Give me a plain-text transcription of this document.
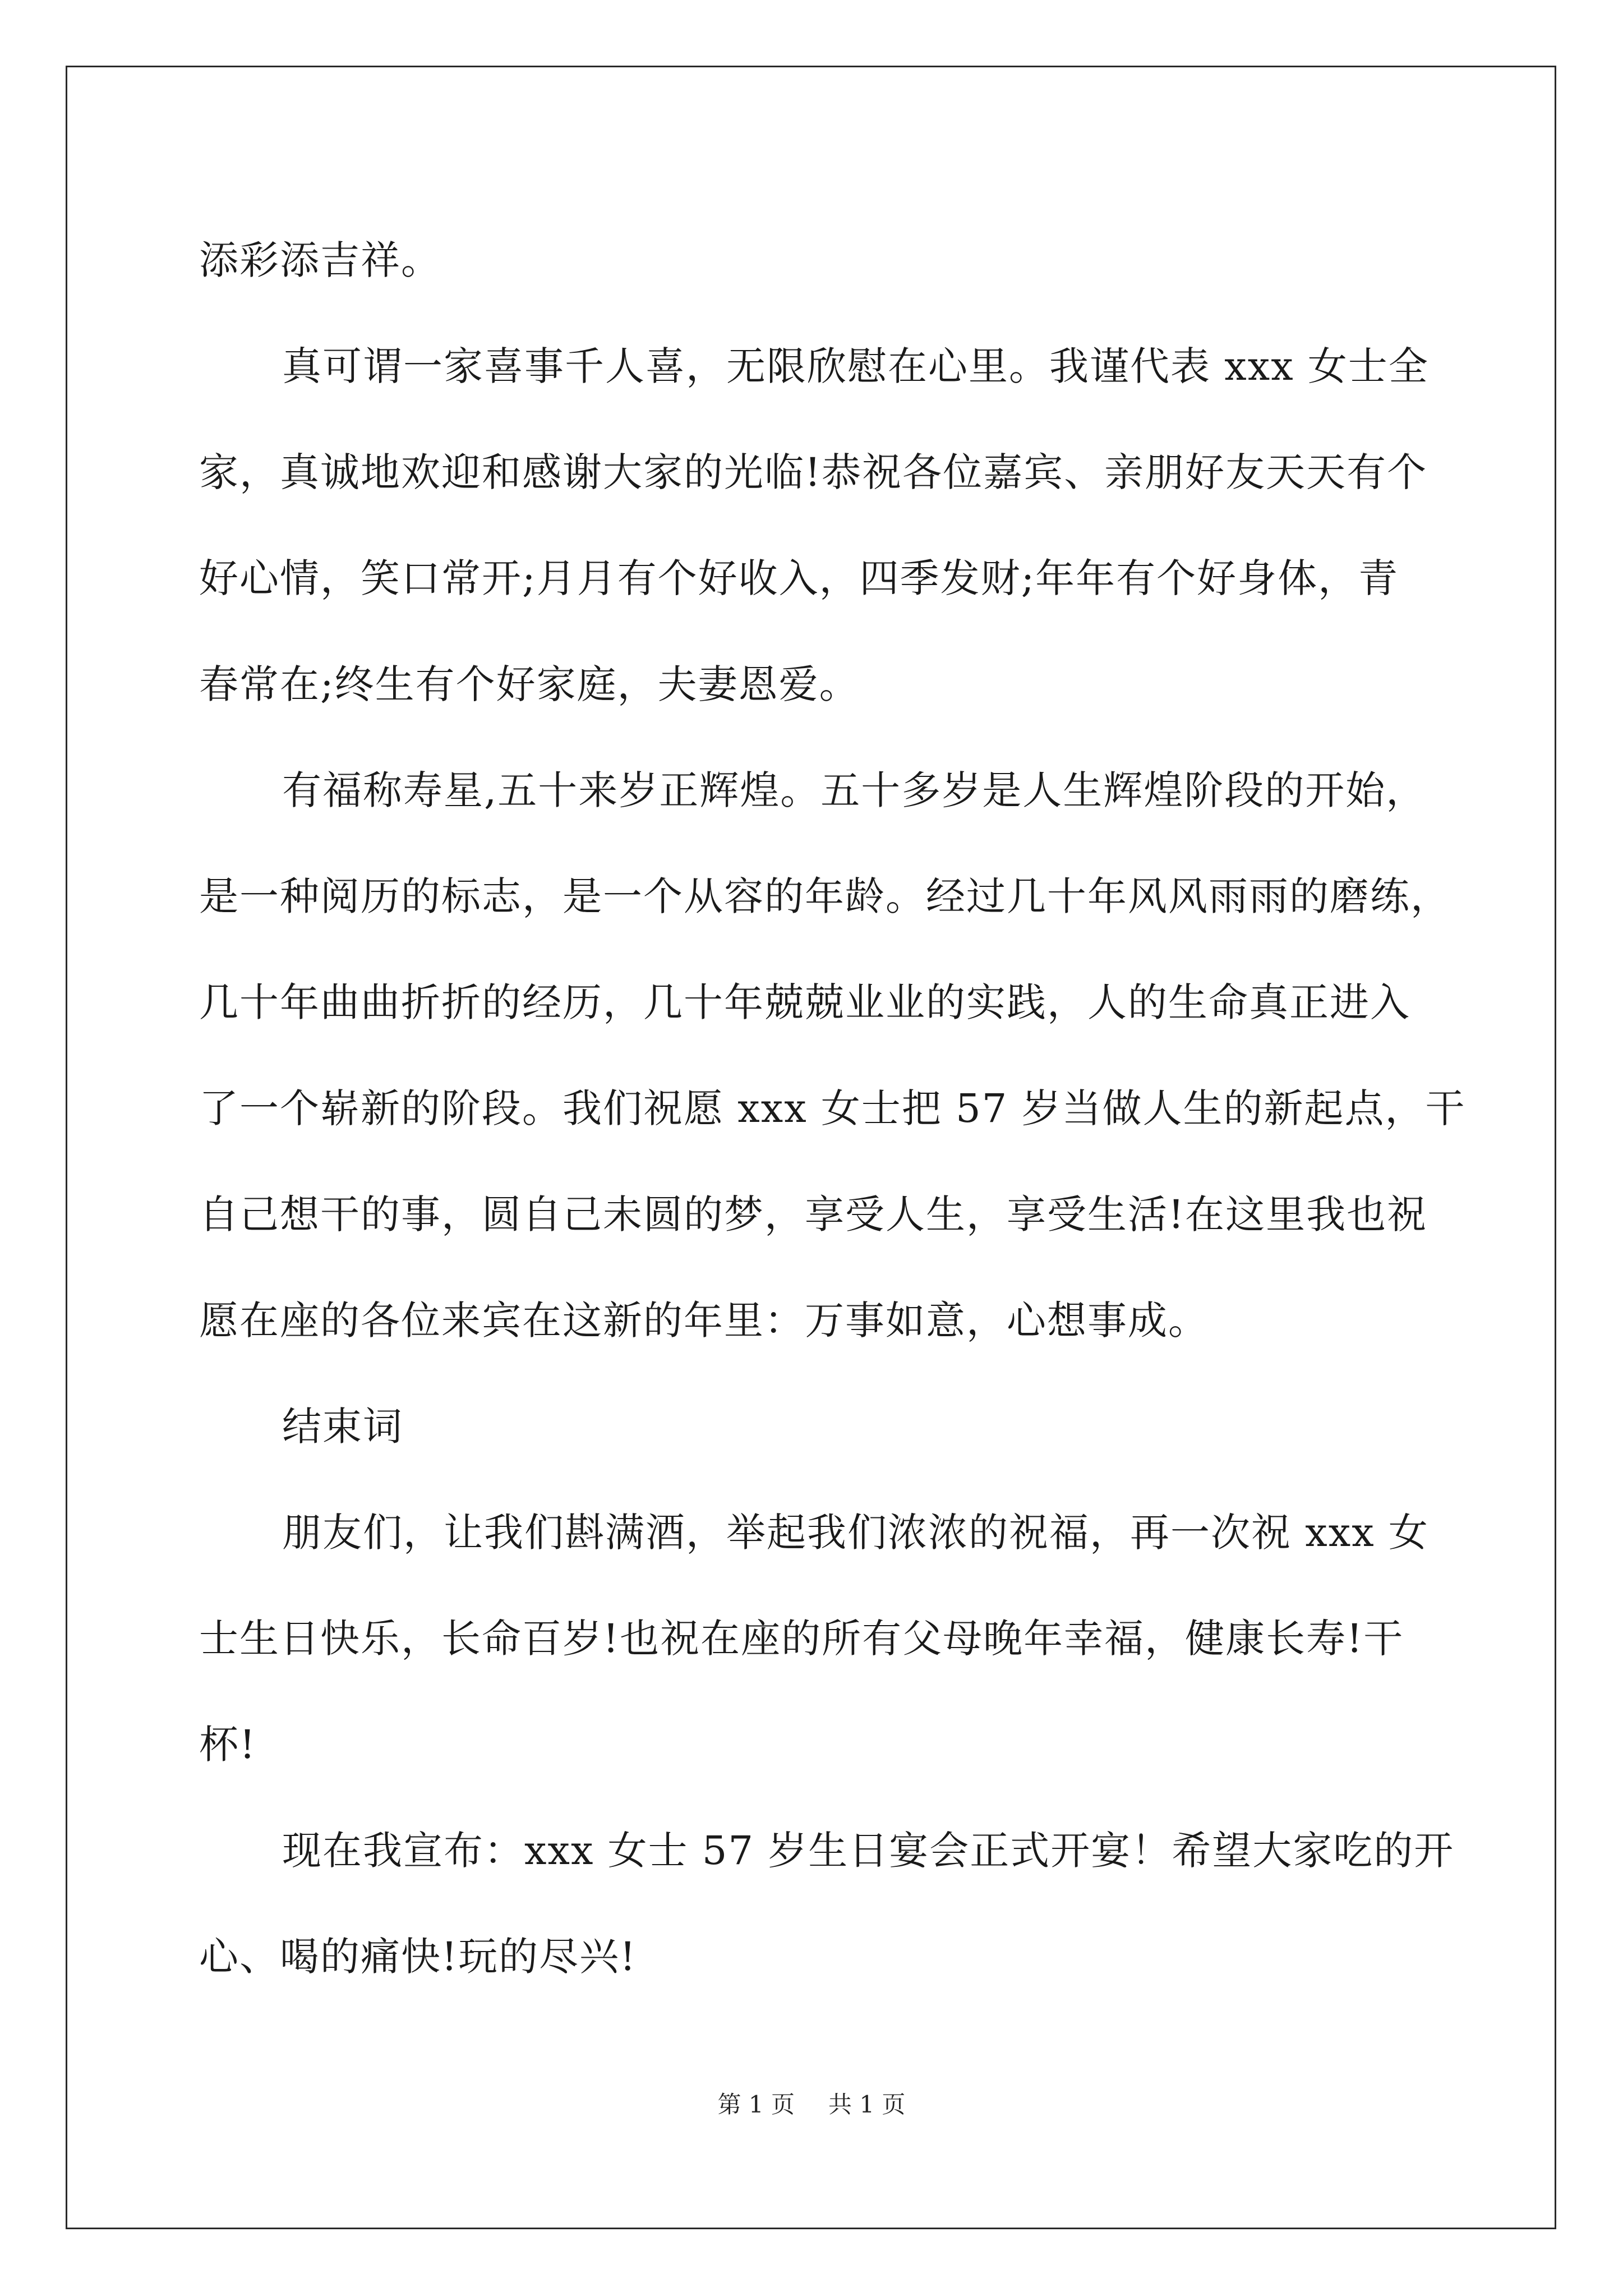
添彩添吉祥。
真可谓一家喜事千人喜，无限欣慰在心里。我谨代表 xxx 女士全
家，真诚地欢迎和感谢大家的光临!恭祝各位嘉宾、亲朋好友天天有个
好心情，笑口常开;月月有个好收入，四季发财;年年有个好身体，青
春常在;终生有个好家庭，夫妻恩爱。
有福称寿星,五十来岁正辉煌。五十多岁是人生辉煌阶段的开始，
是一种阅历的标志，是一个从容的年龄。经过几十年风风雨雨的磨练，
几十年曲曲折折的经历，几十年兢兢业业的实践，人的生命真正进入
了一个崭新的阶段。我们祝愿 xxx 女士把 57 岁当做人生的新起点，干
自己想干的事，圆自己未圆的梦，享受人生，享受生活!在这里我也祝
愿在座的各位来宾在这新的年里：万事如意，心想事成。
结束词
朋友们，让我们斟满酒，举起我们浓浓的祝福，再一次祝 xxx 女
士生日快乐，长命百岁!也祝在座的所有父母晚年幸福，健康长寿!干
杯!
现在我宣布：xxx 女士 57 岁生日宴会正式开宴！希望大家吃的开
心、喝的痛快!玩的尽兴!
第 1 页 共 1 页
